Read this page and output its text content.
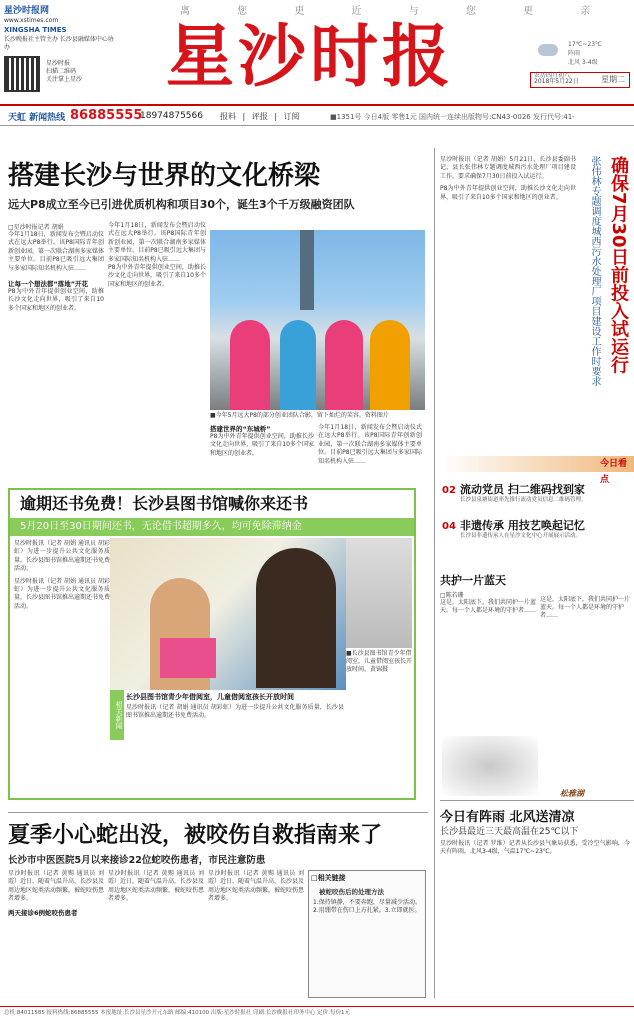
离 您 更 近 与 您 更 亲
星沙时报网
www.xstimes.com
XINGSHA TIMES
长沙晚报社主管主办 长沙县融媒体中心协办
星沙时报
扫描二维码
关注掌上星沙	星沙时报	17℃~23℃
阵雨
北风 3-4级
农历四月初八
2018年5月22日	星期二
天虹 新闻热线 86885555
18974875566 报料 | 评报 | 订阅	■1351号 今日4版 零售1元 国内统一连续出版物号:CN43-0026 发行代号:41-
搭建长沙与世界的文化桥梁
远大P8成立至今已引进优质机构和项目30个，诞生3个千万级融资团队
□星沙时报记者 胡娟
今年1月18日，新闻发布会暨启动仪式在远大P8举行。该P8国际青年创新创业园，第一次联合湖南多家媒体主要单位。目前P8已吸引远大集团与多家国际知名机构入驻……
让每一个想法都“落地”开花
P8为中外青年提供创业空间，助推长沙文化走向世界，吸引了来自10多个国家和地区的创业者。
今年1月18日，新闻发布会暨启动仪式在远大P8举行。该P8国际青年创新创业园，第一次联合湖南多家媒体主要单位。目前P8已吸引远大集团与多家国际知名机构入驻……
P8为中外青年提供创业空间，助推长沙文化走向世界，吸引了来自10多个国家和地区的创业者。
■今年5月远大P8的部分创业团队合影，留下灿烂的笑容。资料图片
搭建世界的“东城桥”
P8为中外青年提供创业空间，助推长沙文化走向世界，吸引了来自10多个国家和地区的创业者。
今年1月18日，新闻发布会暨启动仪式在远大P8举行。该P8国际青年创新创业园，第一次联合湖南多家媒体主要单位。目前P8已吸引远大集团与多家国际知名机构入驻……
星沙时报讯（记者 胡娟）5月21日，长沙县委副书记、县长张伟林专题调度城西污水处理厂项目建设工作，要求确保7月30日前投入试运行。
P8为中外青年提供创业空间，助推长沙文化走向世界，吸引了来自10多个国家和地区的创业者。	确保7月30日前投入试运行
张伟林专题调度城西污水处理厂项目建设工作时要求
今日看点
02 流动党员 扫二维码找到家
长沙县泉塘街道率先推行流动党员信息二维码管理。
04 非遗传承 用技艺唤起记忆
长沙县非遗传承人在星沙文化中心开展展示活动。
逾期还书免费！长沙县图书馆喊你来还书
5月20日至30日期间还书，无论借书超期多久，均可免除滞纳金
星沙时报讯（记者 胡娟 通讯员 胡彩虹）为进一步提升公共文化服务质量，长沙县图书馆推出逾期还书免费活动。
星沙时报讯（记者 胡娟 通讯员 胡彩虹）为进一步提升公共文化服务质量，长沙县图书馆推出逾期还书免费活动。
■长沙县图书馆青少年借阅室，儿童借阅室孩长开放时间。黄锦摄
相关新闻
长沙县图书馆青少年借阅室，儿童借阅室孩长开放时间
星沙时报讯（记者 胡娟 通讯员 胡彩虹）为进一步提升公共文化服务质量，长沙县图书馆推出逾期还书免费活动。
共护一片蓝天
□陈若珊
这是，太阳底下，我们共同护一片蓝天。每一个人都是环境的守护者……
这是，太阳底下，我们共同护一片蓝天。每一个人都是环境的守护者……
松雅湖
今日有阵雨 北风送清凉
长沙县最近三天最高温在25℃以下
星沙时报讯（记者 罗维）记者从长沙县气象局获悉，受冷空气影响，今天有阵雨，北风3-4级，气温17℃~23℃。
夏季小心蛇出没，被咬伤自救指南来了
长沙市中医医院5月以来接诊22位蛇咬伤患者，市民注意防患
星沙时报讯（记者 黄赐 通讯员 刘霞）近日，随着气温升高，长沙县及周边地区蛇类活动频繁，被蛇咬伤患者增多。
两天接诊6例蛇咬伤患者
星沙时报讯（记者 黄赐 通讯员 刘霞）近日，随着气温升高，长沙县及周边地区蛇类活动频繁，被蛇咬伤患者增多。
星沙时报讯（记者 黄赐 通讯员 刘霞）近日，随着气温升高，长沙县及周边地区蛇类活动频繁，被蛇咬伤患者增多。
□相关链接
被蛇咬伤后的处理方法
1.保持镇静，不要奔跑，尽量减少活动。2.用绷带在伤口上方扎紧。3.立即就医。
总机:84011585 报料热线:86885555 本报地址:长沙县星沙开元东路 邮编:410100 出版:星沙时报社 印刷:长沙晚报社印务中心 定价:每份1元
